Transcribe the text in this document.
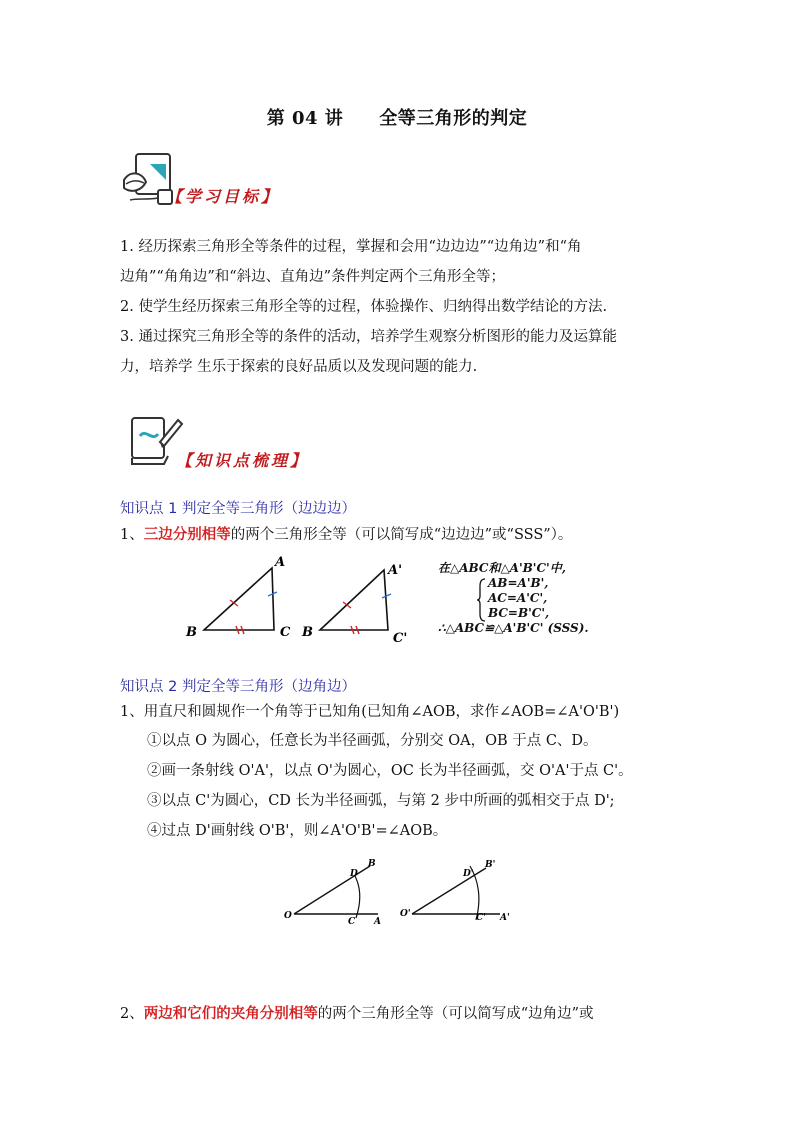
第 04 讲 全等三角形的判定
【学习目标】
1. 经历探索三角形全等条件的过程，掌握和会用“边边边”“边角边”和“角
边角”“角角边”和“斜边、直角边”条件判定两个三角形全等；
2. 使学生经历探索三角形全等的过程，体验操作、归纳得出数学结论的方法.
3. 通过探究三角形全等的条件的活动，培养学生观察分析图形的能力及运算能
力，培养学 生乐于探索的良好品质以及发现问题的能力.
【知识点梳理】
知识点 1 判定全等三角形（边边边）
1、三边分别相等的两个三角形全等（可以简写成“边边边”或“SSS”）。
A
B	C
A'
B	C'
在△ABC和△A'B'C'中,
AB=A'B',
AC=A'C',
BC=B'C',
∴△ABC≌△A'B'C' (SSS).
知识点 2 判定全等三角形（边角边）
1、用直尺和圆规作一个角等于已知角(已知角∠AOB，求作∠AOB=∠A'O'B')
①以点 O 为圆心，任意长为半径画弧，分别交 OA，OB 于点 C、D。
②画一条射线 O'A'，以点 O'为圆心，OC 长为半径画弧，交 O'A'于点 C'。
③以点 C'为圆心，CD 长为半径画弧，与第 2 步中所画的弧相交于点 D';
④过点 D'画射线 O'B'，则∠A'O'B'=∠AOB。
O
A
B
C
D
O'	A'
B'
C'
D'
2、两边和它们的夹角分别相等的两个三角形全等（可以简写成“边角边”或
